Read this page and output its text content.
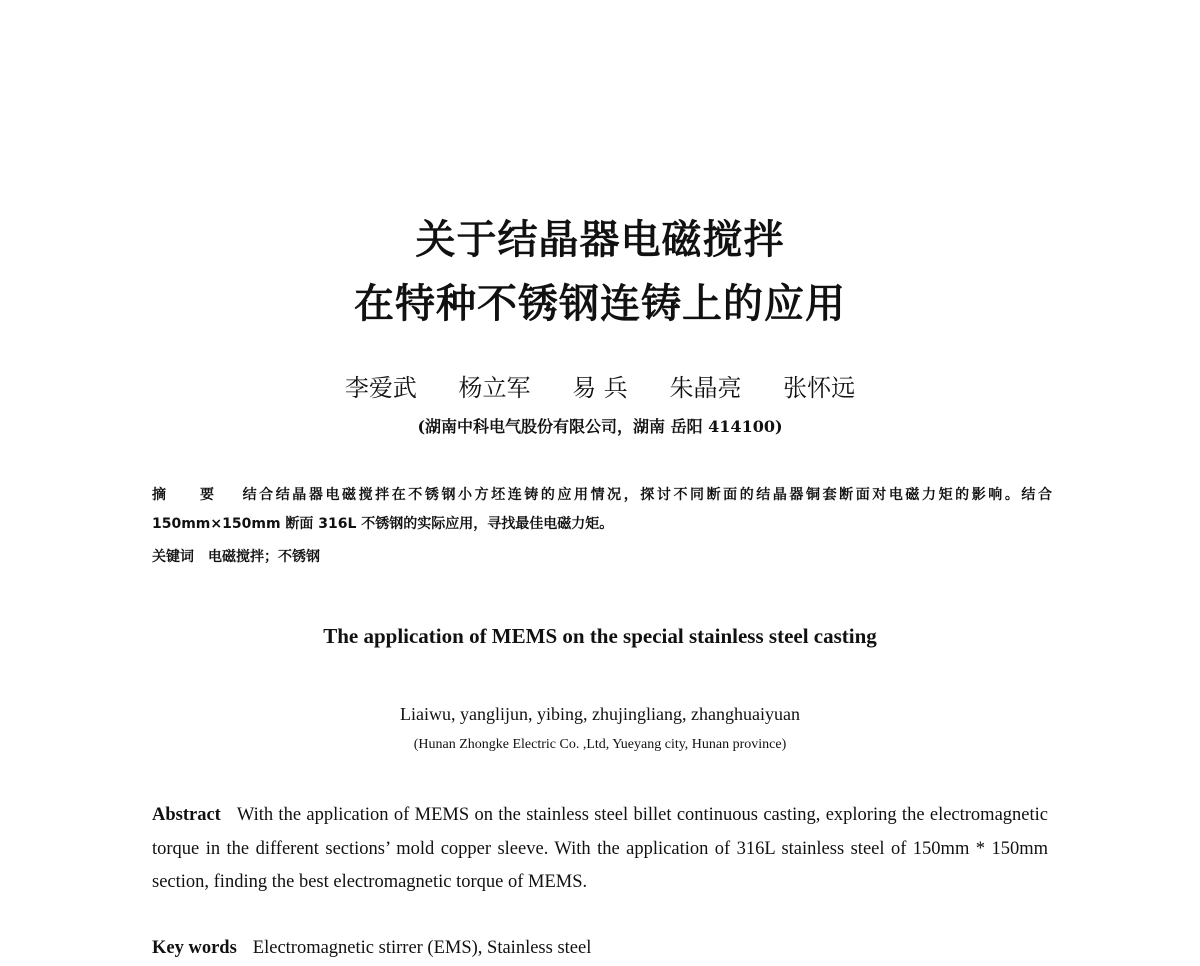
关于结晶器电磁搅拌
在特种不锈钢连铸上的应用
李爱武 杨立军 易 兵 朱晶亮 张怀远
(湖南中科电气股份有限公司，湖南 岳阳 414100)
摘 要 结合结晶器电磁搅拌在不锈钢小方坯连铸的应用情况，探讨不同断面的结晶器铜套断面对电磁力矩的影响。结合 150mm×150mm 断面 316L 不锈钢的实际应用，寻找最佳电磁力矩。
关键词 电磁搅拌；不锈钢
The application of MEMS on the special stainless steel casting
Liaiwu, yanglijun, yibing, zhujingliang, zhanghuaiyuan
(Hunan Zhongke Electric Co. ,Ltd, Yueyang city, Hunan province)
Abstract With the application of MEMS on the stainless steel billet continuous casting, exploring the electromagnetic torque in the different sections’ mold copper sleeve. With the application of 316L stainless steel of 150mm * 150mm section, finding the best electromagnetic torque of MEMS.
Key words Electromagnetic stirrer (EMS), Stainless steel
